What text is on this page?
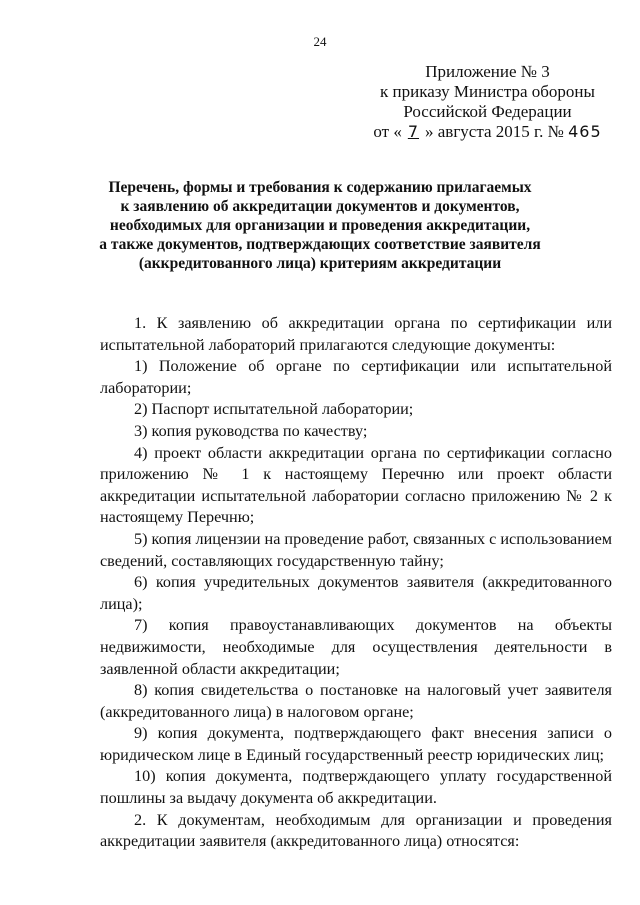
24
Приложение № 3
к приказу Министра обороны
Российской Федерации
от « 7 » августа 2015 г. № 465
Перечень, формы и требования к содержанию прилагаемых
к заявлению об аккредитации документов и документов,
необходимых для организации и проведения аккредитации,
а также документов, подтверждающих соответствие заявителя
(аккредитованного лица) критериям аккредитации

1. К заявлению об аккредитации органа по сертификации или испытательной лабораторий прилагаются следующие документы:

1) Положение об органе по сертификации или испытательной лаборатории;

2) Паспорт испытательной лаборатории;

3) копия руководства по качеству;

4) проект области аккредитации органа по сертификации согласно приложению № 1 к настоящему Перечню или проект области аккредитации испытательной лаборатории согласно приложению № 2 к настоящему Перечню;

5) копия лицензии на проведение работ, связанных с использованием сведений, составляющих государственную тайну;

6) копия учредительных документов заявителя (аккредитованного лица);

7) копия правоустанавливающих документов на объекты недвижимости, необходимые для осуществления деятельности в заявленной области аккредитации;

8) копия свидетельства о постановке на налоговый учет заявителя (аккредитованного лица) в налоговом органе;

9) копия документа, подтверждающего факт внесения записи о юридическом лице в Единый государственный реестр юридических лиц;

10) копия документа, подтверждающего уплату государственной пошлины за выдачу документа об аккредитации.

2. К документам, необходимым для организации и проведения аккредитации заявителя (аккредитованного лица) относятся:
